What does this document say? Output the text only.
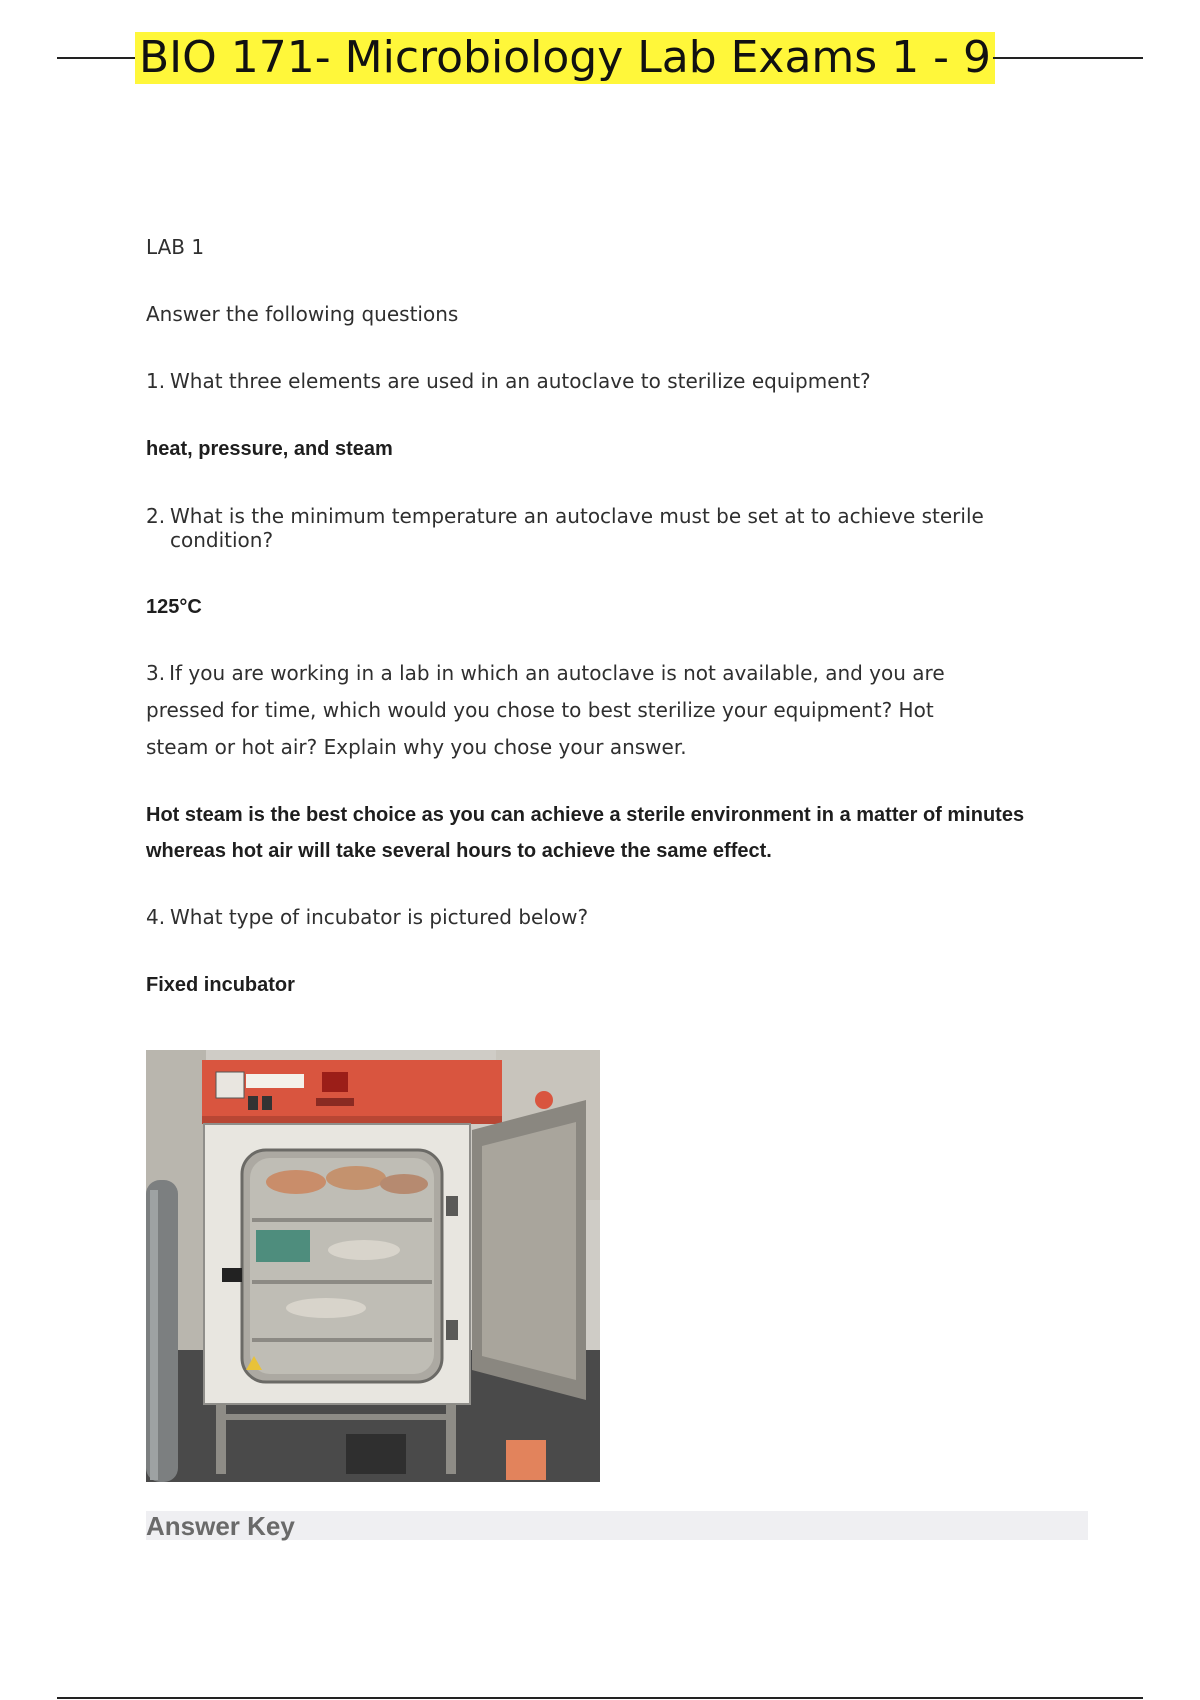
BIO 171- Microbiology Lab Exams 1 - 9
LAB 1
Answer the following questions
1. What three elements are used in an autoclave to sterilize equipment?
heat, pressure, and steam
2. What is the minimum temperature an autoclave must be set at to achieve sterile
condition?
125°C
3. If you are working in a lab in which an autoclave is not available, and you are
pressed for time, which would you chose to best sterilize your equipment? Hot
steam or hot air? Explain why you chose your answer.
Hot steam is the best choice as you can achieve a sterile environment in a matter of minutes
whereas hot air will take several hours to achieve the same effect.
4. What type of incubator is pictured below?
Fixed incubator
Answer Key
